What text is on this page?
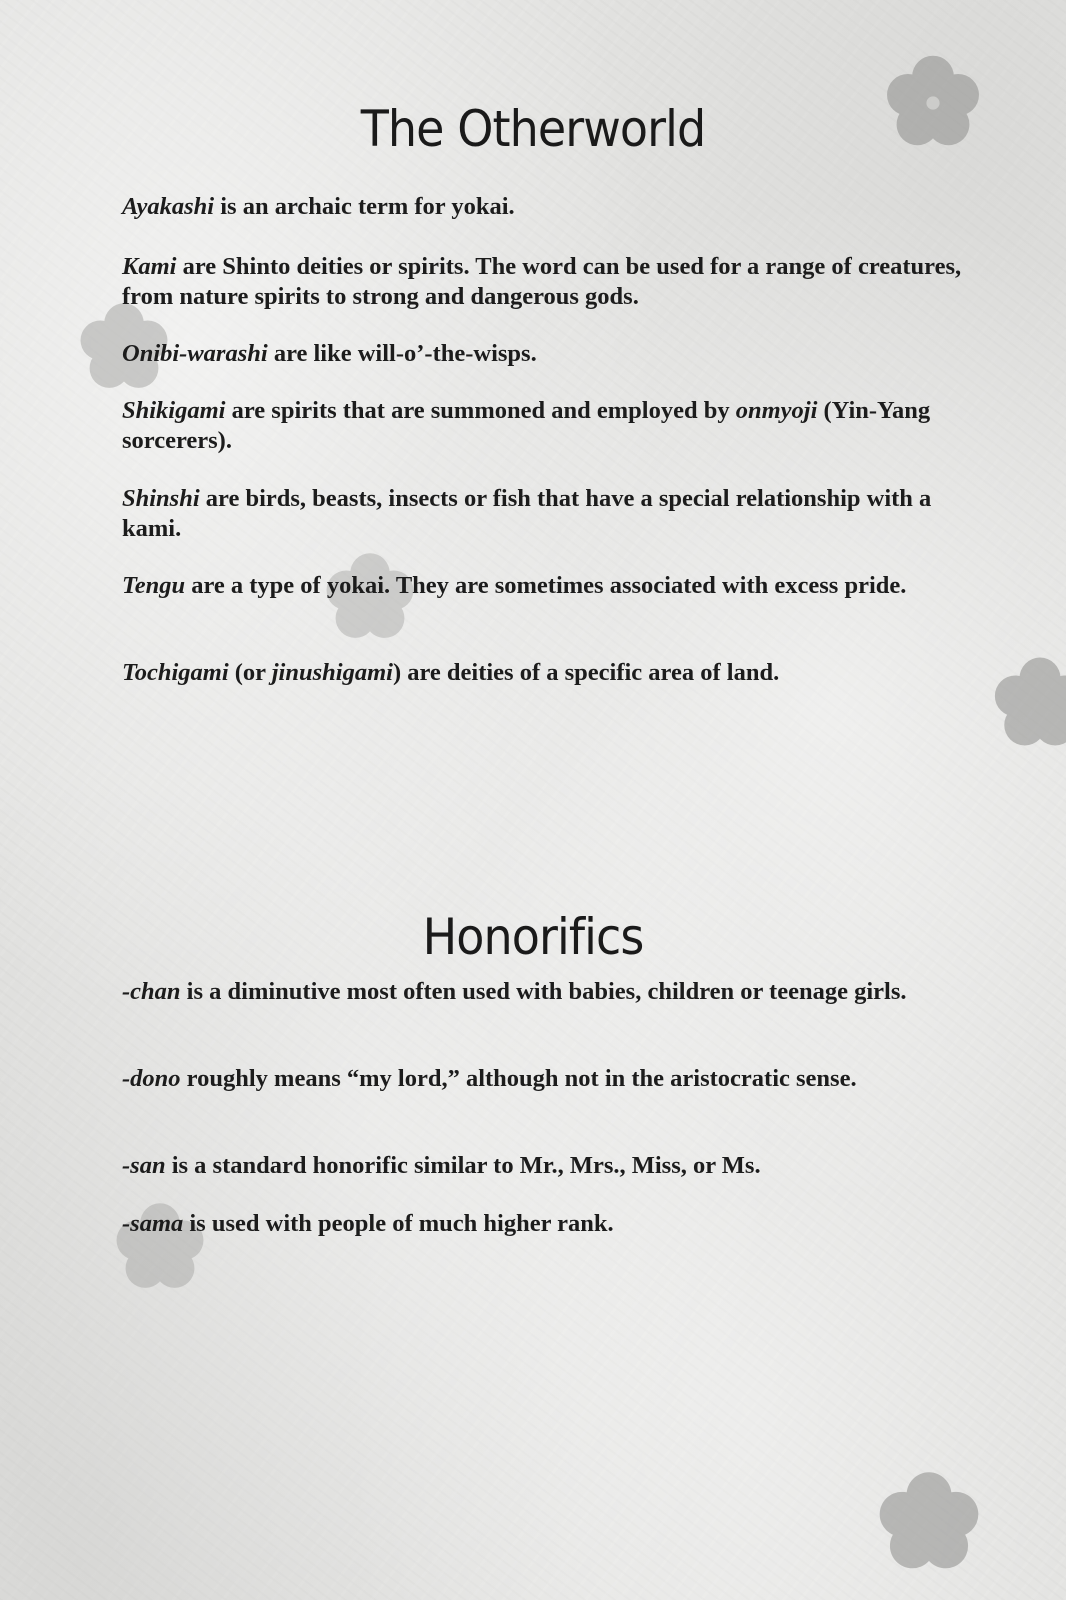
The Otherworld

Ayakashi is an archaic term for yokai.

Kami are Shinto deities or spirits. The word can be used for a range of creatures, from nature spirits to strong and dangerous gods.

Onibi-warashi are like will-o’-the-wisps.

Shikigami are spirits that are summoned and employed by onmyoji (Yin-Yang sorcerers).

Shinshi are birds, beasts, insects or fish that have a special relationship with a kami.

Tengu are a type of yokai. They are sometimes associated with excess pride.

Tochigami (or jinushigami) are deities of a specific area of land.

Honorifics

-chan is a diminutive most often used with babies, children or teenage girls.

-dono roughly means “my lord,” although not in the aristocratic sense.

-san is a standard honorific similar to Mr., Mrs., Miss, or Ms.

-sama is used with people of much higher rank.
